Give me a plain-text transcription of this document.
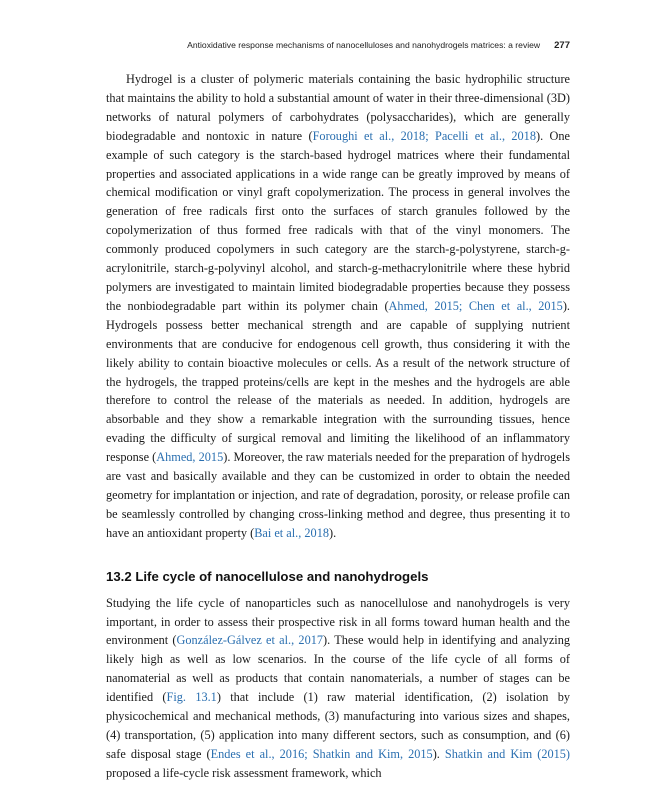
Antioxidative response mechanisms of nanocelluloses and nanohydrogels matrices: a review 277

Hydrogel is a cluster of polymeric materials containing the basic hydrophilic structure that maintains the ability to hold a substantial amount of water in their three-dimensional (3D) networks of natural polymers of carbohydrates (polysaccharides), which are generally biodegradable and nontoxic in nature (Foroughi et al., 2018; Pacelli et al., 2018). One example of such category is the starch-based hydrogel matrices where their fundamental properties and associated applications in a wide range can be greatly improved by means of chemical modification or vinyl graft copolymerization. The process in general involves the generation of free radicals first onto the surfaces of starch granules followed by the copolymerization of thus formed free radicals with that of the vinyl monomers. The commonly produced copolymers in such category are the starch-g-polystyrene, starch-g-acrylonitrile, starch-g-polyvinyl alcohol, and starch-g-methacrylonitrile where these hybrid polymers are investigated to maintain limited biodegradable properties because they possess the nonbiodegradable part within its polymer chain (Ahmed, 2015; Chen et al., 2015). Hydrogels possess better mechanical strength and are capable of supplying nutrient environments that are conducive for endogenous cell growth, thus considering it with the likely ability to contain bioactive molecules or cells. As a result of the network structure of the hydrogels, the trapped proteins/cells are kept in the meshes and the hydrogels are able therefore to control the release of the materials as needed. In addition, hydrogels are absorbable and they show a remarkable integration with the surrounding tissues, hence evading the difficulty of surgical removal and limiting the likelihood of an inflammatory response (Ahmed, 2015). Moreover, the raw materials needed for the preparation of hydrogels are vast and basically available and they can be customized in order to obtain the needed geometry for implantation or injection, and rate of degradation, porosity, or release profile can be seamlessly controlled by changing cross-linking method and degree, thus presenting it to have an antioxidant property (Bai et al., 2018).

13.2 Life cycle of nanocellulose and nanohydrogels

Studying the life cycle of nanoparticles such as nanocellulose and nanohydrogels is very important, in order to assess their prospective risk in all forms toward human health and the environment (González-Gálvez et al., 2017). These would help in identifying and analyzing likely high as well as low scenarios. In the course of the life cycle of all forms of nanomaterial as well as products that contain nanomaterials, a number of stages can be identified (Fig. 13.1) that include (1) raw material identification, (2) isolation by physicochemical and mechanical methods, (3) manufacturing into various sizes and shapes, (4) transportation, (5) application into many different sectors, such as consumption, and (6) safe disposal stage (Endes et al., 2016; Shatkin and Kim, 2015). Shatkin and Kim (2015) proposed a life-cycle risk assessment framework, which
